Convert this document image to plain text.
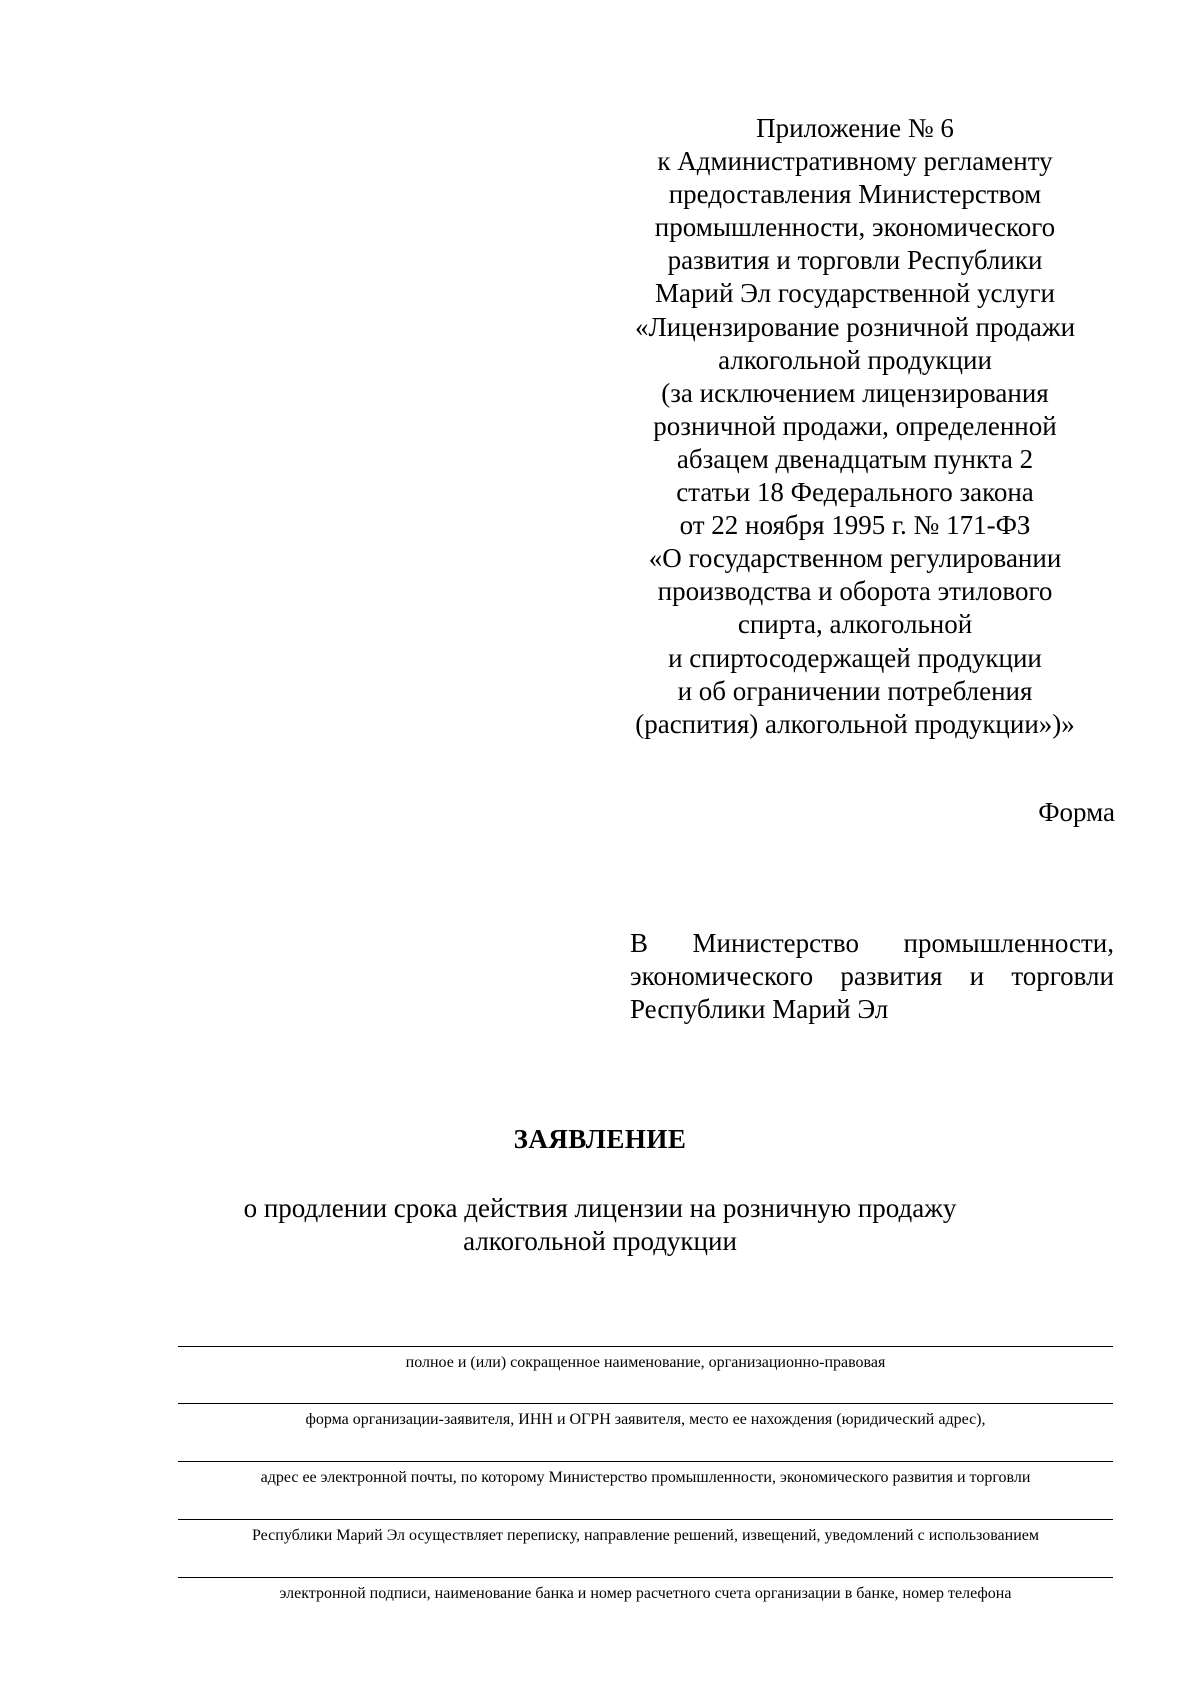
Приложение № 6
к Административному регламенту
предоставления Министерством
промышленности, экономического
развития и торговли Республики
Марий Эл государственной услуги
«Лицензирование розничной продажи
алкогольной продукции
(за исключением лицензирования
розничной продажи, определенной
абзацем двенадцатым пункта 2
статьи 18 Федерального закона
от 22 ноября 1995 г. № 171-ФЗ
«О государственном регулировании
производства и оборота этилового
спирта, алкогольной
и спиртосодержащей продукции
и об ограничении потребления
(распития) алкогольной продукции»)»
Форма
В Министерство промышленности,
экономического развития и торговли
Республики Марий Эл
ЗАЯВЛЕНИЕ
о продлении срока действия лицензии на розничную продажу
алкогольной продукции
полное и (или) сокращенное наименование, организационно-правовая
форма организации-заявителя, ИНН и ОГРН заявителя, место ее нахождения (юридический адрес),
адрес ее электронной почты, по которому Министерство промышленности, экономического развития и торговли
Республики Марий Эл осуществляет переписку, направление решений, извещений, уведомлений с использованием
электронной подписи, наименование банка и номер расчетного счета организации в банке, номер телефона
